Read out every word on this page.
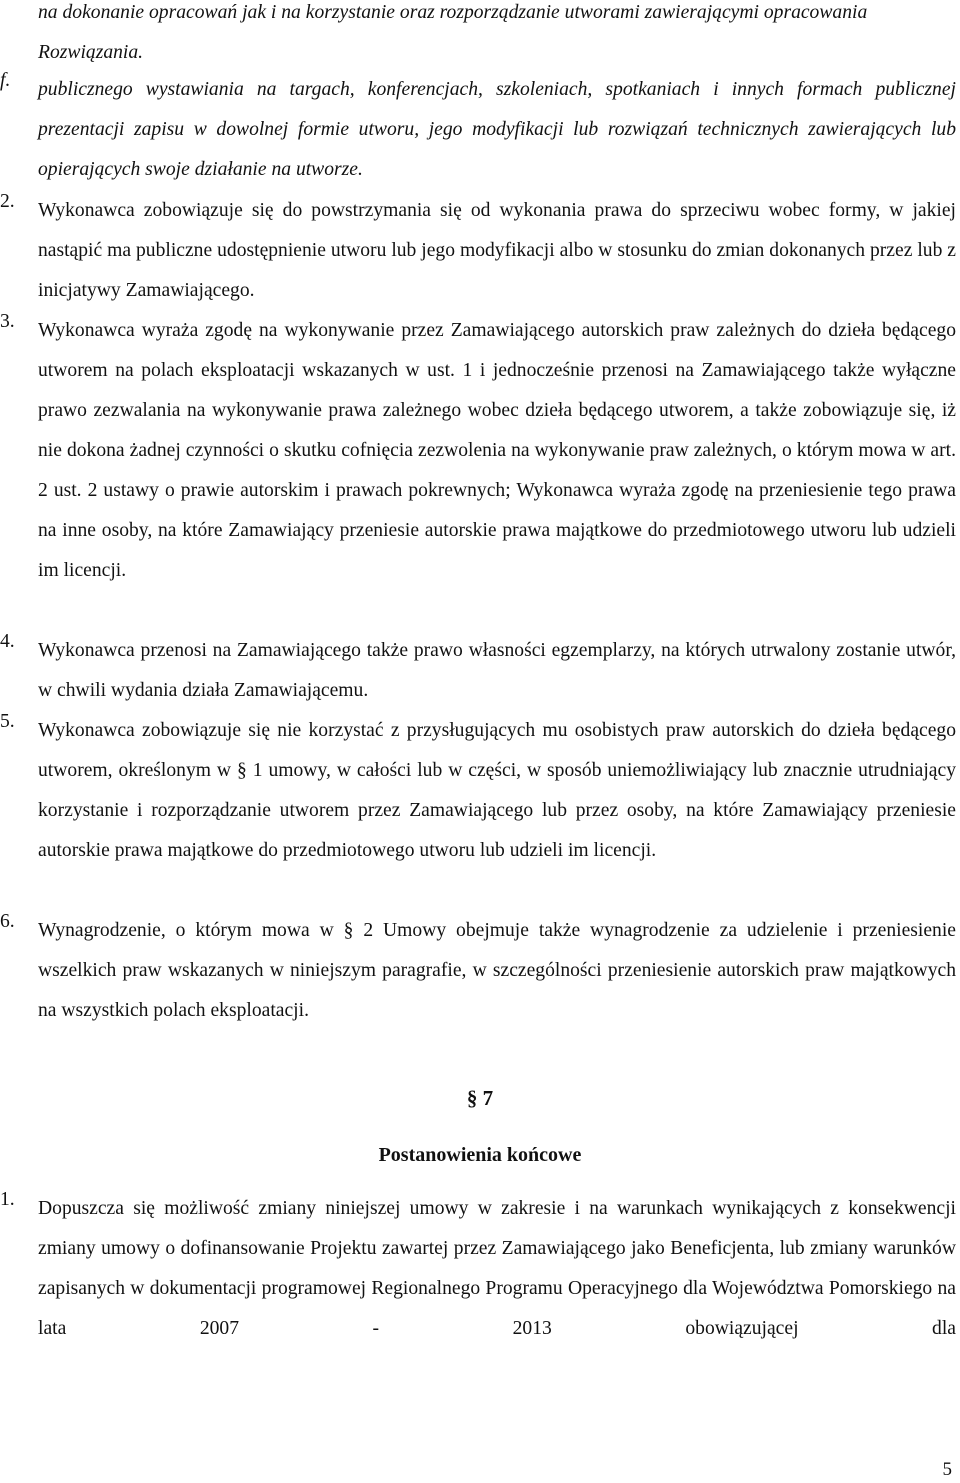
na dokonanie opracowań jak i na korzystanie oraz rozporządzanie utworami zawierającymi opracowania Rozwiązania.
f.	publicznego wystawiania na targach, konferencjach, szkoleniach, spotkaniach i innych formach publicznej prezentacji zapisu w dowolnej formie utworu, jego modyfikacji lub rozwiązań technicznych zawierających lub opierających swoje działanie na utworze.
2.	Wykonawca zobowiązuje się do powstrzymania się od wykonania prawa do sprzeciwu wobec formy, w jakiej nastąpić ma publiczne udostępnienie utworu lub jego modyfikacji albo w stosunku do zmian dokonanych przez lub z inicjatywy Zamawiającego.
3.	Wykonawca wyraża zgodę na wykonywanie przez Zamawiającego autorskich praw zależnych do dzieła będącego utworem na polach eksploatacji wskazanych w ust. 1 i jednocześnie przenosi na Zamawiającego także wyłączne prawo zezwalania na wykonywanie prawa zależnego wobec dzieła będącego utworem, a także zobowiązuje się, iż nie dokona żadnej czynności o skutku cofnięcia zezwolenia na wykonywanie praw zależnych, o którym mowa w art. 2 ust. 2 ustawy o prawie autorskim i prawach pokrewnych; Wykonawca wyraża zgodę na przeniesienie tego prawa na inne osoby, na które Zamawiający przeniesie autorskie prawa majątkowe do przedmiotowego utworu lub udzieli im licencji.
4.	Wykonawca przenosi na Zamawiającego także prawo własności egzemplarzy, na których utrwalony zostanie utwór, w chwili wydania działa Zamawiającemu.
5.	Wykonawca zobowiązuje się nie korzystać z przysługujących mu osobistych praw autorskich do dzieła będącego utworem, określonym w § 1 umowy, w całości lub w części, w sposób uniemożliwiający lub znacznie utrudniający korzystanie i rozporządzanie utworem przez Zamawiającego lub przez osoby, na które Zamawiający przeniesie autorskie prawa majątkowe do przedmiotowego utworu lub udzieli im licencji.
6.	Wynagrodzenie, o którym mowa w § 2 Umowy obejmuje także wynagrodzenie za udzielenie i przeniesienie wszelkich praw wskazanych w niniejszym paragrafie, w szczególności przeniesienie autorskich praw majątkowych na wszystkich polach eksploatacji.
§ 7
Postanowienia końcowe
1.	Dopuszcza się możliwość zmiany niniejszej umowy w zakresie i na warunkach wynikających z konsekwencji zmiany umowy o dofinansowanie Projektu zawartej przez Zamawiającego jako Beneficjenta, lub zmiany warunków zapisanych w dokumentacji programowej Regionalnego Programu Operacyjnego dla Województwa Pomorskiego na lata 2007 - 2013 obowiązującej dla
5
